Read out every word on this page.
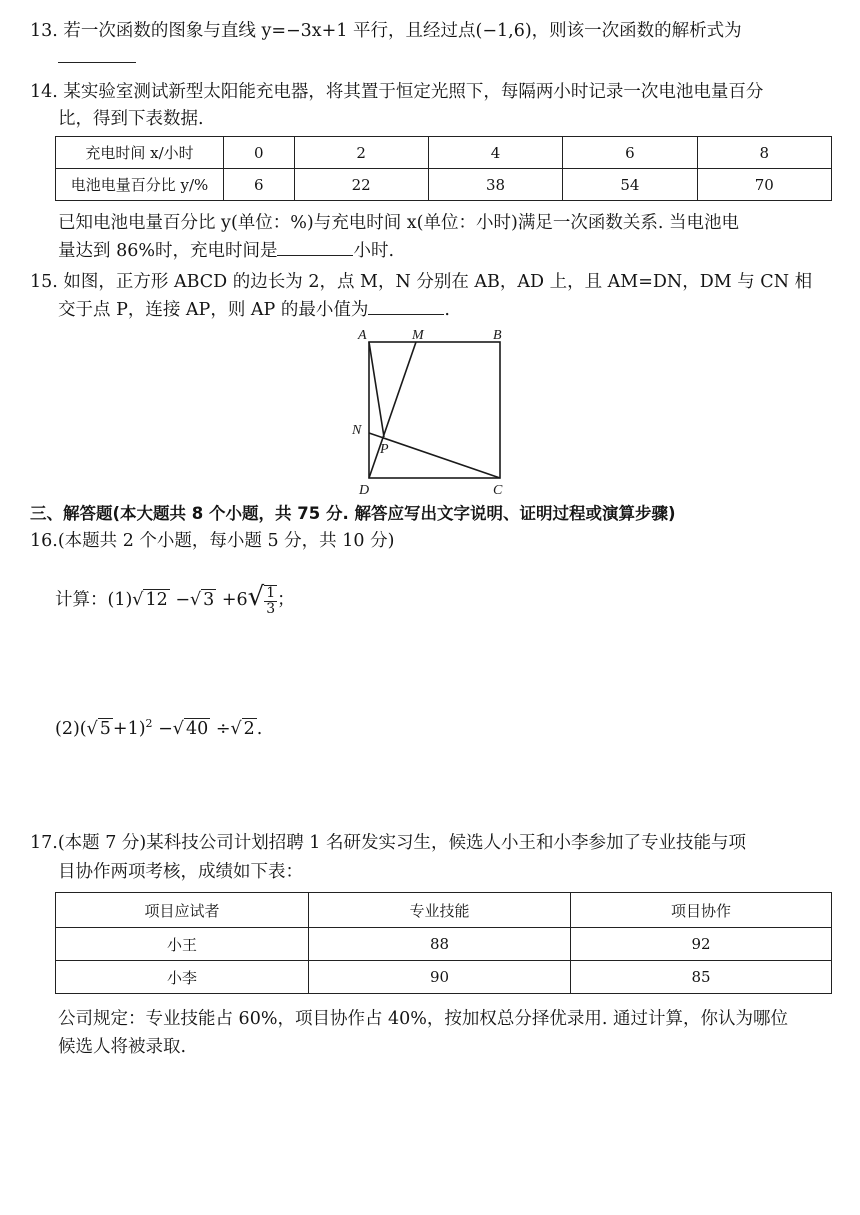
13. 若一次函数的图象与直线 y=−3x+1 平行，且经过点(−1,6)，则该一次函数的解析式为
14. 某实验室测试新型太阳能充电器，将其置于恒定光照下，每隔两小时记录一次电池电量百分
比，得到下表数据.
充电时间 x/小时	0	2	4	6	8
电池电量百分比 y/%	6	22	38	54	70
已知电池电量百分比 y(单位：%)与充电时间 x(单位：小时)满足一次函数关系. 当电池电
量达到 86%时，充电时间是	小时.
15. 如图，正方形 ABCD 的边长为 2，点 M，N 分别在 AB，AD 上，且 AM=DN，DM 与 CN 相
交于点 P，连接 AP，则 AP 的最小值为	.
A	M	B
N
P
D	C
三、解答题(本大题共 8 个小题，共 75 分. 解答应写出文字说明、证明过程或演算步骤)
16.(本题共 2 个小题，每小题 5 分，共 10 分)
计算：(1)√ 12 −√ $3 +6√ \frac{1}{3}$ ；
(2)(√ 5 +1)$^2$ −√ 40 ÷√ 2 .
17.(本题 7 分)某科技公司计划招聘 1 名研发实习生，候选人小王和小李参加了专业技能与项
目协作两项考核，成绩如下表：
项目应试者	专业技能	项目协作
小王	88	92
小李	90	85
公司规定：专业技能占 60%，项目协作占 40%，按加权总分择优录用. 通过计算，你认为哪位
候选人将被录取.
